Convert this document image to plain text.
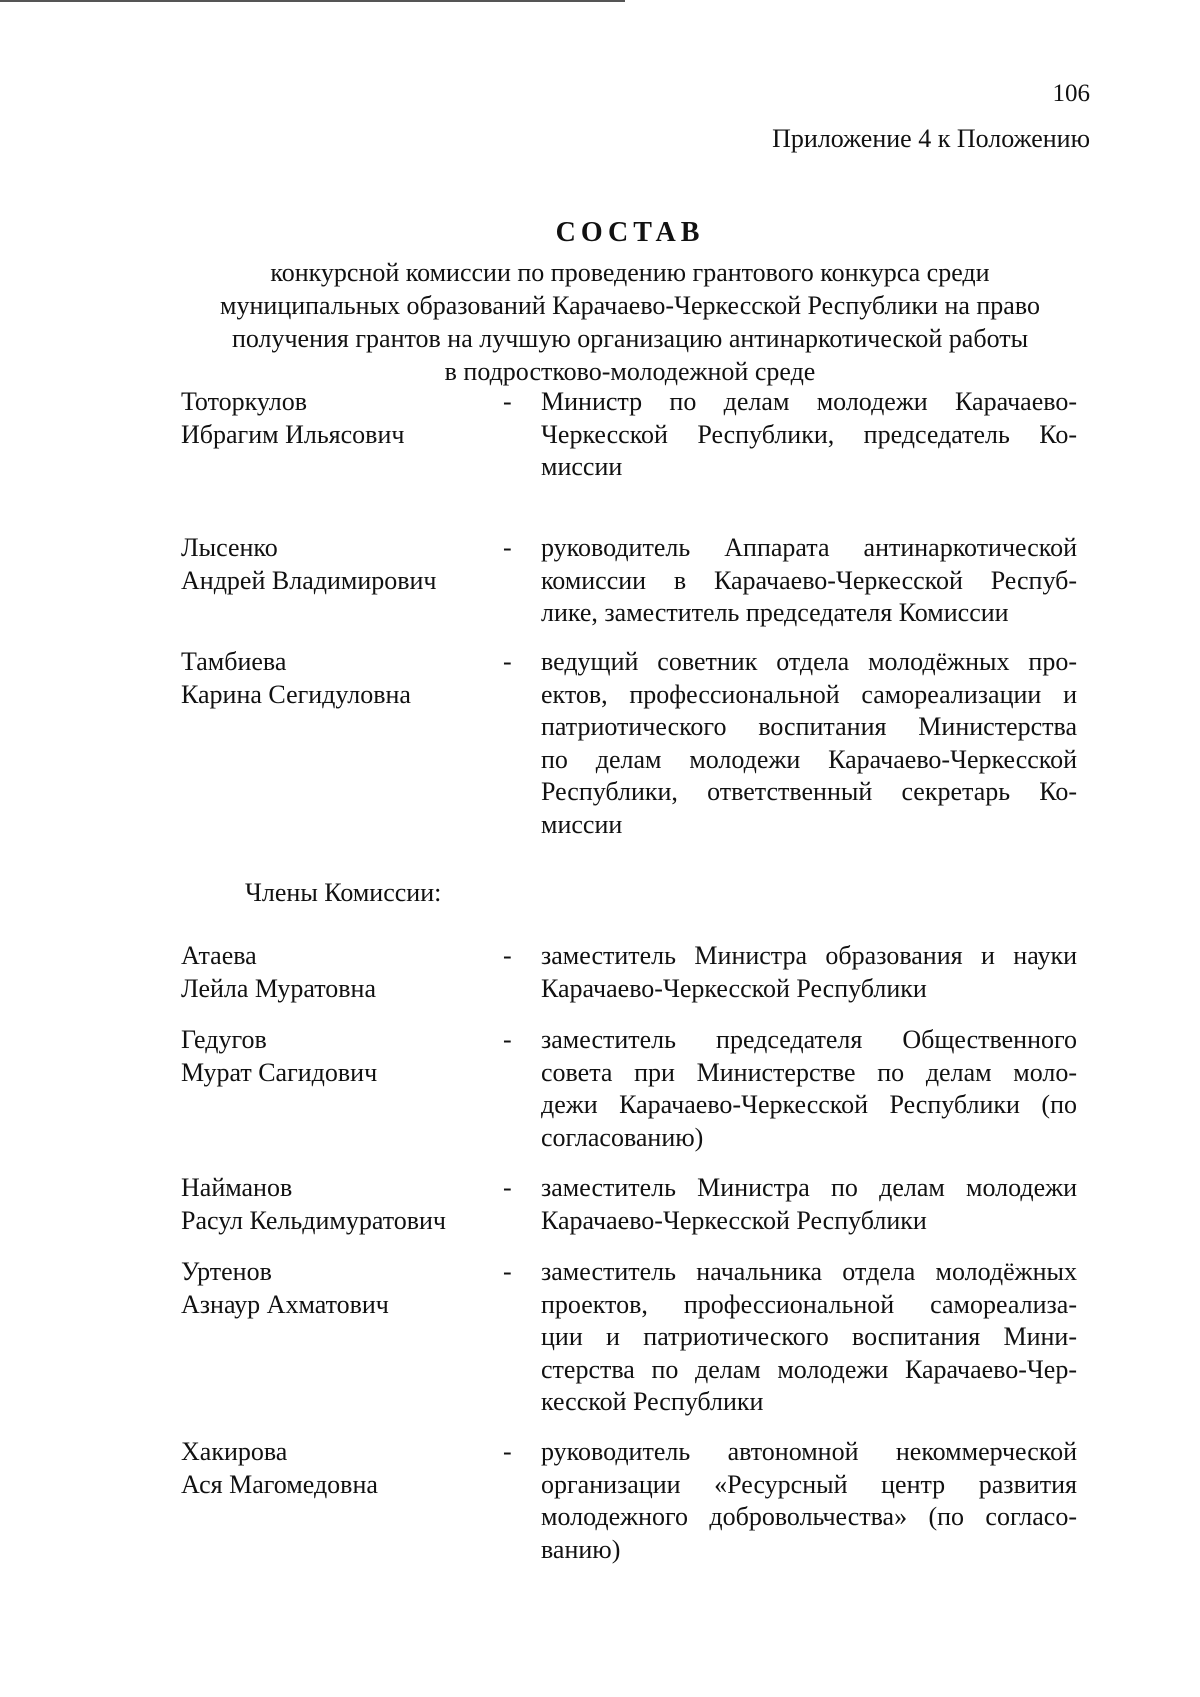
106
Приложение 4 к Положению
СОСТАВ
конкурсной комиссии по проведению грантового конкурса среди
муниципальных образований Карачаево-Черкесской Республики на право
получения грантов на лучшую организацию антинаркотической работы
в подростково-молодежной среде
Тоторкулов
Ибрагим Ильясович
- Министр по делам молодежи Карачаево-
Черкесской Республики, председатель Ко-
миссии
Лысенко
Андрей Владимирович
- руководитель Аппарата антинаркотической
комиссии в Карачаево-Черкесской Респуб-
лике, заместитель председателя Комиссии
Тамбиева
Карина Сегидуловна
- ведущий советник отдела молодёжных про-
ектов, профессиональной самореализации и
патриотического воспитания Министерства
по делам молодежи Карачаево-Черкесской
Республики, ответственный секретарь Ко-
миссии
Члены Комиссии:
Атаева
Лейла Муратовна
- заместитель Министра образования и науки
Карачаево-Черкесской Республики
Гедугов
Мурат Сагидович
- заместитель председателя Общественного
совета при Министерстве по делам моло-
дежи Карачаево-Черкесской Республики (по
согласованию)
Найманов
Расул Кельдимуратович
- заместитель Министра по делам молодежи
Карачаево-Черкесской Республики
Уртенов
Азнаур Ахматович
- заместитель начальника отдела молодёжных
проектов, профессиональной самореализа-
ции и патриотического воспитания Мини-
стерства по делам молодежи Карачаево-Чер-
кесской Республики
Хакирова
Ася Магомедовна
- руководитель автономной некоммерческой
организации «Ресурсный центр развития
молодежного добровольчества» (по согласо-
ванию)
